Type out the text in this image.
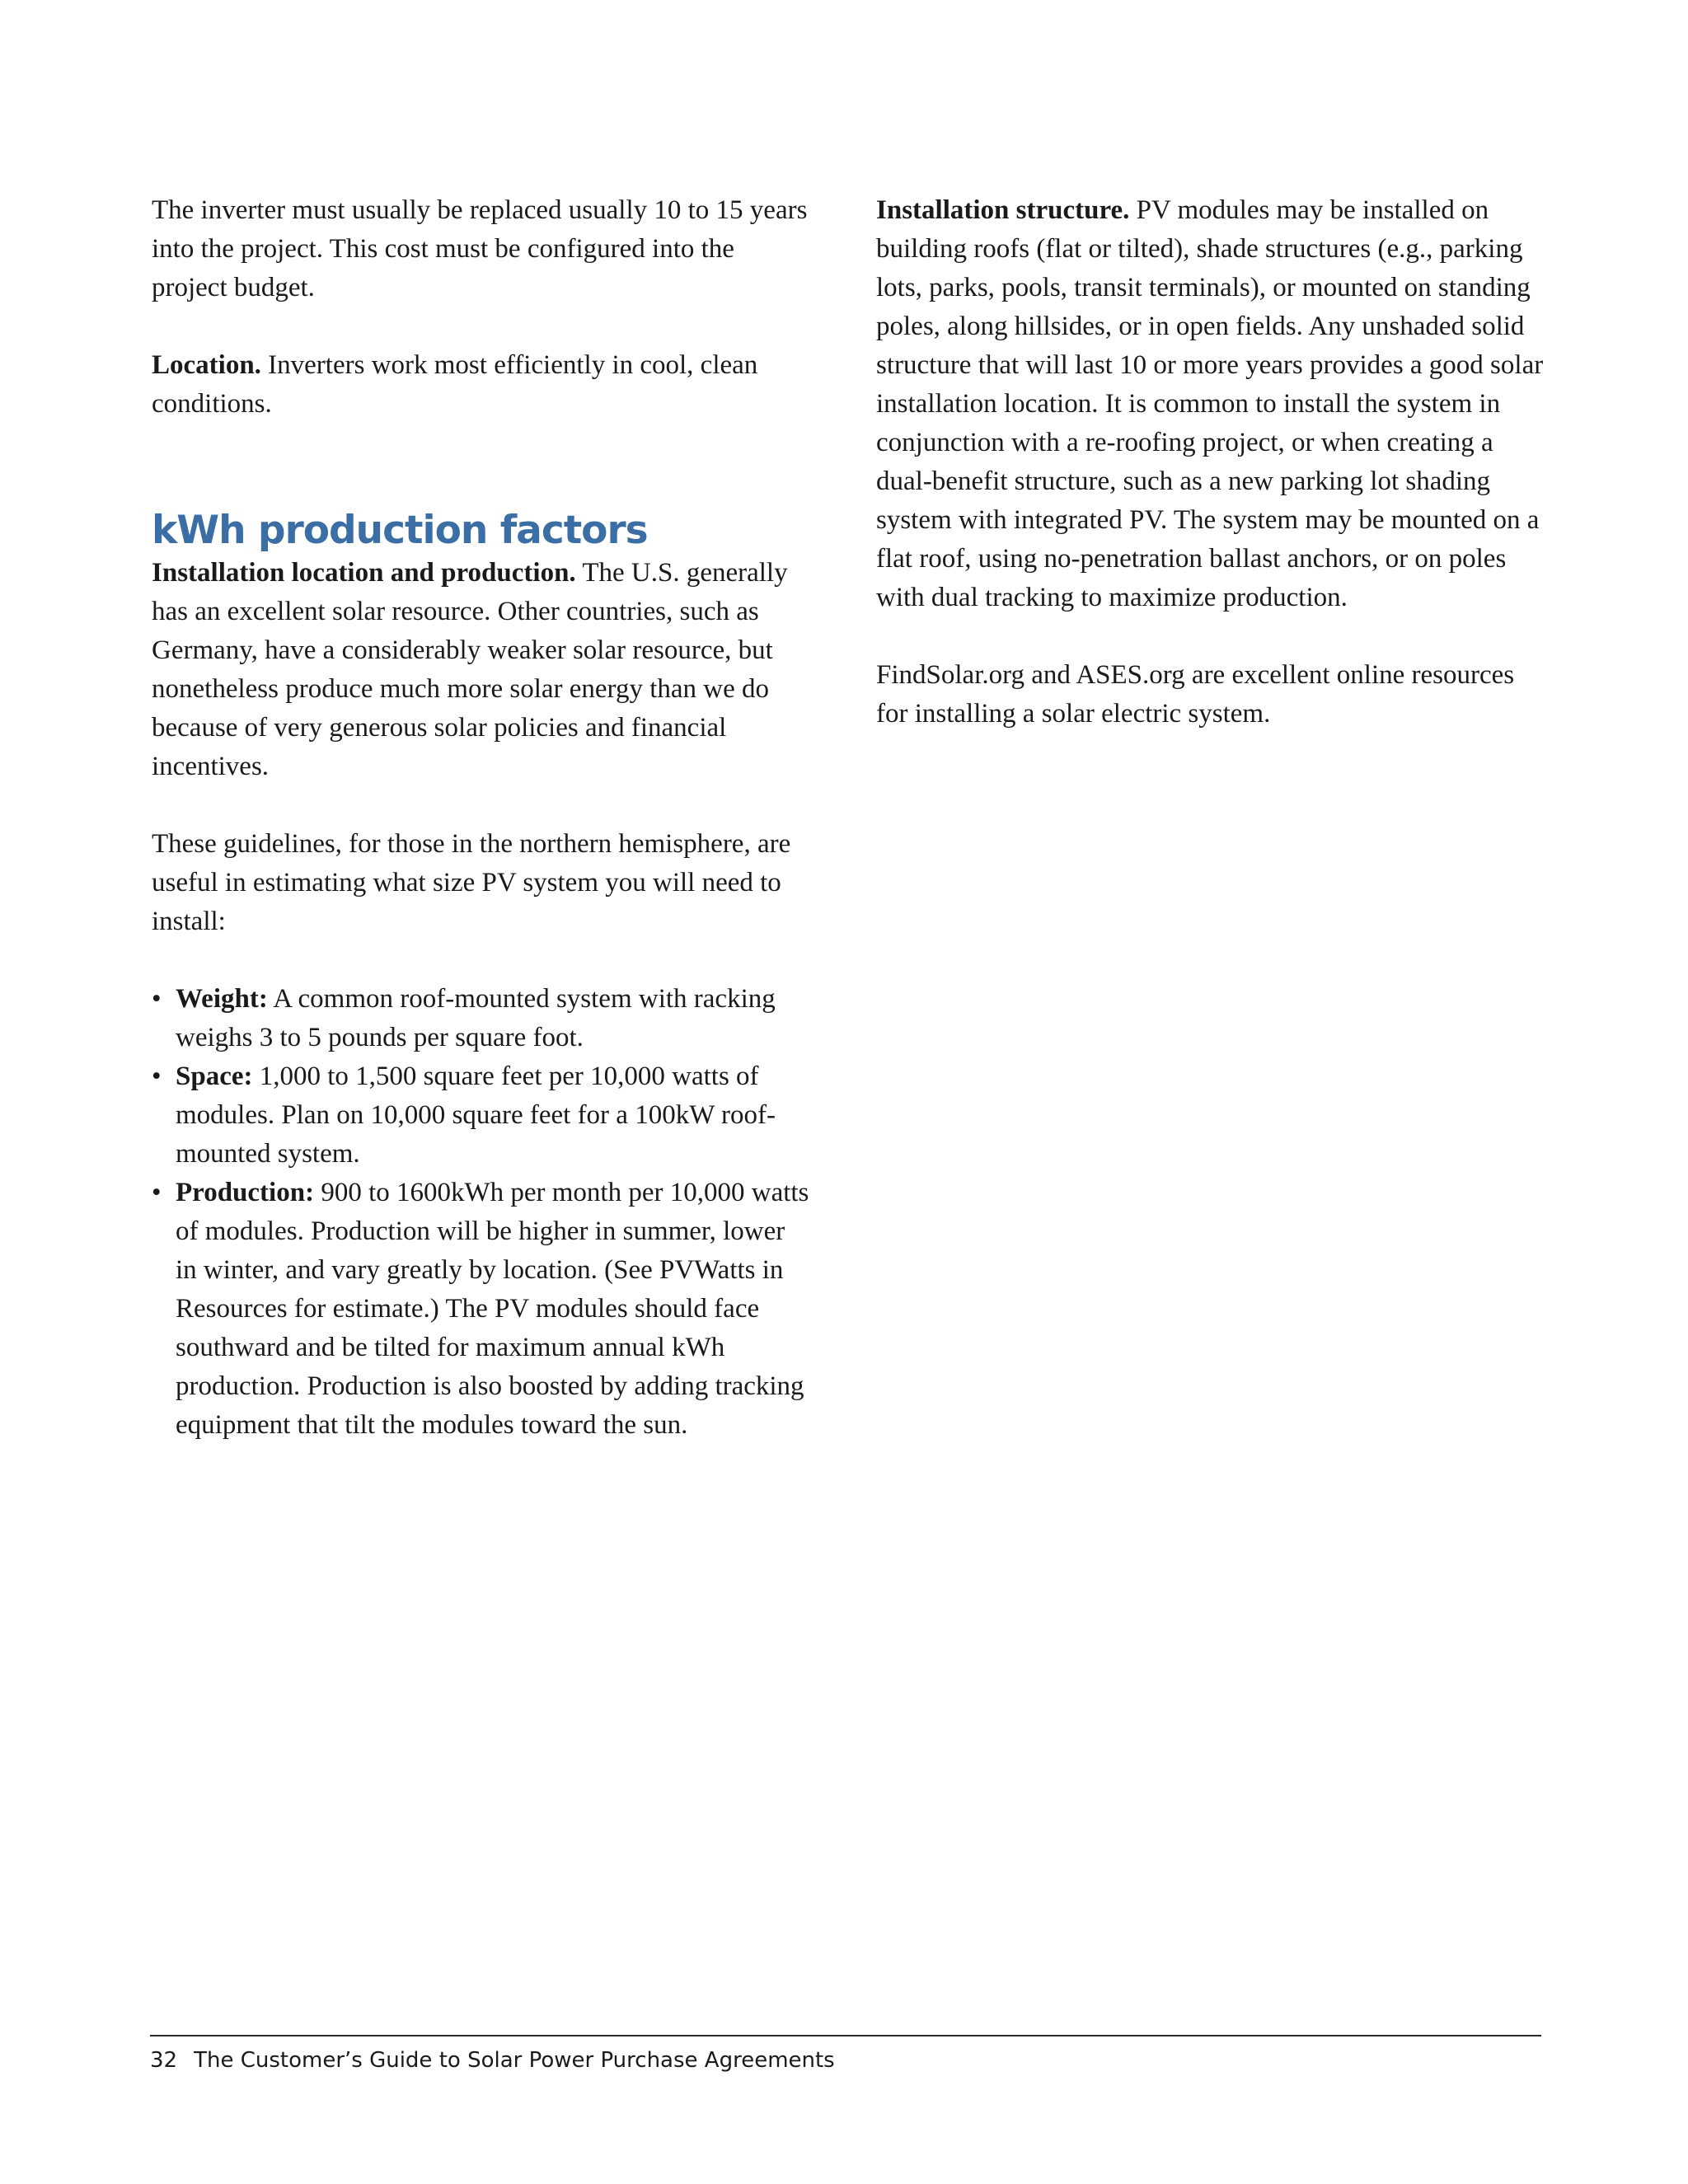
The inverter must usually be replaced usually 10 to 15 years into the project. This cost must be configured into the project budget.

Location. Inverters work most efficiently in cool, clean conditions.

kWh production factors

Installation location and production. The U.S. generally has an excellent solar resource. Other countries, such as Germany, have a considerably weaker solar resource, but nonetheless produce much more solar energy than we do because of very generous solar policies and financial incentives.

These guidelines, for those in the northern hemisphere, are useful in estimating what size PV system you will need to install:

• Weight: A common roof-mounted system with racking weighs 3 to 5 pounds per square foot.
• Space: 1,000 to 1,500 square feet per 10,000 watts of modules. Plan on 10,000 square feet for a 100kW roof-mounted system.
• Production: 900 to 1600kWh per month per 10,000 watts of modules. Production will be higher in summer, lower in winter, and vary greatly by location. (See PVWatts in Resources for estimate.) The PV modules should face southward and be tilted for maximum annual kWh production. Production is also boosted by adding tracking equipment that tilt the modules toward the sun.

Installation structure. PV modules may be installed on building roofs (flat or tilted), shade structures (e.g., parking lots, parks, pools, transit terminals), or mounted on standing poles, along hillsides, or in open fields. Any unshaded solid structure that will last 10 or more years provides a good solar installation location. It is common to install the system in conjunction with a re-roofing project, or when creating a dual-benefit structure, such as a new parking lot shading system with integrated PV. The system may be mounted on a flat roof, using no-penetration ballast anchors, or on poles with dual tracking to maximize production.

FindSolar.org and ASES.org are excellent online resources for installing a solar electric system.

32 The Customer’s Guide to Solar Power Purchase Agreements
